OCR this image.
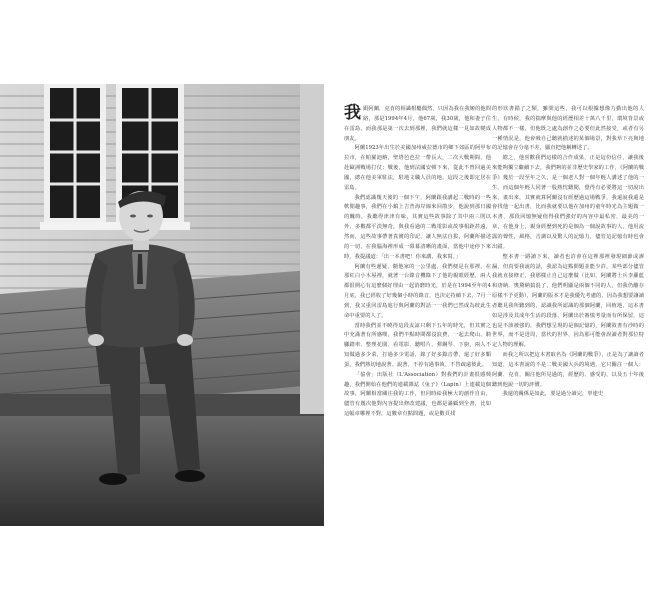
我跟阿蘭．克肯的相識相屬偶然，只因為我在我姬的他問路，那是1994年4月，他67歲，我30歲，他和妻子住在雷島，而我那是第一次去到那裡，我們就這樣一見如故變成朋友。

阿蘭1923年出生於美國加州威拉德市的鄉下郊區的阿甲布拉市，在帕羅迪納，聖塔芭芭拉一帶長大，二次大戰期間，他赴歐洲戰場打仗；戰後，他到法國安頓下來，從此不曾回過美國，總在他美軍駐法，駐地文職人員的地，這段之後即定居在雷島。

我們認識幾天後的一個下午，阿蘭跟我講起二戰時的一些軟閒趣事，我們在小鎮上吉普海岸線來回散步，他說到那日國的醜時，我聽得津津有味，其實這些故事除了其中兩三則以外，多數都平淡無奇，與我看過的二戰電影或故事相距甚遠，然而，這些故事帶著真實的印記，讓人無法自拔，阿蘭所描述的一切，在我腦海裡形成一幕幕清晰的畫面，當他中途停下來時，我提議道：「出一本書吧！你來講，我來寫。」

阿蘭有些遲疑，隨他家的一公里處，我們便是在那裡，在那紅白小木屋裡，就著一台錄音機錄下了他的親眼經歷，兩人都很開心有這麼個好理由一起消磨時光，於是在1994至年的4月底，我已經收了好幾個小時的錄音，也決定持續下去，7月一到，我又重回雷島進行與阿蘭的對話一一我們已然成為彼此生命中重要的人了。

當時我們並不曉得這段友誼只剩下五年的時光，但其實之中充滿著有所感嘆，我們半點時間都沒浪費，一起去爬山、騎腳踏車、整理花園、看電影、聽唱片、彈鋼琴、下廚，兩人不知做過多少菜，打過多少電話，錄了好多錄音帶，還了好多顆蛋，我們熱切地說著、說著，不停有過事執、不替疏遠彼此。

「協會」出版社（L'Association）對我們的計畫很感興趣，我們開始在他們的連載雜誌《兔子》（Lapin）上連載這個故事，阿蘭相當關注我的工作，但同時給我極大的創作自由，儘管有幾次他對內容提出修改建議，也都是滿顧到全書，比如這幅章哪裡不對，這數章有點問題，或是數頁找

的形狀書錯了之類，雖問這些，我可以根據想像力勤出他的人生，有時候，我的揣摩與他的經歷相差十萬八千里，環境背景或人物都不一樣，但他既之處為創作之必要但此然接受，或者有另一種情況是，他會吸自己聽就描述的某個場景，對我草下亮與地的記憶會存分毫不差，顯直把他稱轉述了。

總之，他喜歡我們這樣的合作成果，正是這份信任，讓我後來能夠獨立繼續下去，我們夠的並非歷史學家的工作，《阿蘭的戰爭》幾於一段至年之久，是一個老人對一個年輕人講述了他的一生，而這個年輕人同著一股熱忱聽聞，覺得有必要將這一切說出來，畫出來，其實就算阿蘭沒有經歷過這場戰爭，我還說我還是會找他一起出書，比而我就要以他在加州的童年時光為主題做一本書，那段回憶無疑值得我們強好的內容中最私密，最美的一章，在他身上，親身經歷到死的是個為一個說故事的人，他用流露的聲性，風格，音調以及驚人的記憶力，儘管這記憶有時也會出錯。

整本書一路讀下來，讀者也許會在這裡那裡發現細節或謬漏，但真要我說的話，我認為這點問題並能少許，某些部分儘管我就直接修正，我那樣止自己這麼做（比如，阿蘭將士兵李蘿藍和唐納．奧黛納搞混了，他們明顯是兩個不同的人，但我仍離存原樣不予更動），阿蘭的版本才是我優先考慮的，因為我想要讓讀者聽見我所聽到的，認識我所認識的那個阿蘭，回植地，這本書如是涉及其成年生活的段落，阿蘭出於審慎考量而有所保留，這也是不該被強的，我們想呈現的是個記憶的，阿蘭敘書有沙時的世界，而不是迸周，當代的世界，因為那可能會誤讀者對那位特定人物的理解。

而我之所以把這本書取名為《阿蘭的戰爭》，正是為了讓讀者知道，這本書說的不是二戰美國大兵的境遇，它只關注一個人：阿蘭．克肯，關注他所見過的，經歷的、感受的，以及五十年後聽到他說一切的評價。

我還的關係是如此，要是過分讀完，辜連史
